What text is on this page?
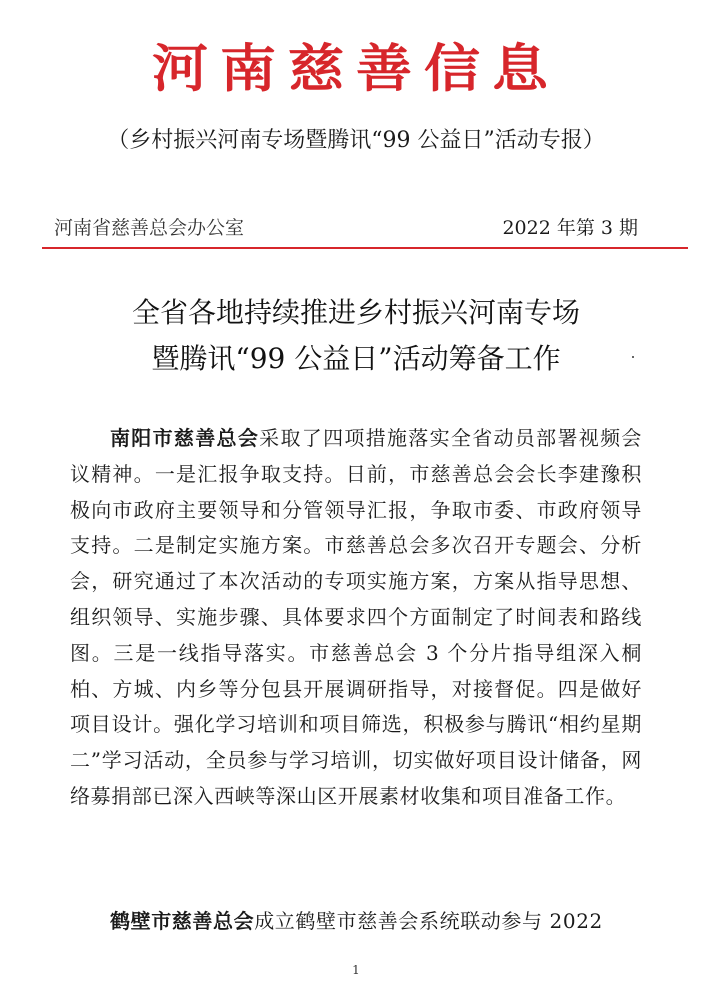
河南慈善信息
（乡村振兴河南专场暨腾讯“99 公益日”活动专报）
河南省慈善总会办公室	2022 年第 3 期
全省各地持续推进乡村振兴河南专场
暨腾讯“99 公益日”活动筹备工作

南阳市慈善总会采取了四项措施落实全省动员部署视频会议精神。一是汇报争取支持。日前，市慈善总会会长李建豫积极向市政府主要领导和分管领导汇报，争取市委、市政府领导支持。二是制定实施方案。市慈善总会多次召开专题会、分析会，研究通过了本次活动的专项实施方案，方案从指导思想、组织领导、实施步骤、具体要求四个方面制定了时间表和路线图。三是一线指导落实。市慈善总会 3 个分片指导组深入桐柏、方城、内乡等分包县开展调研指导，对接督促。四是做好项目设计。强化学习培训和项目筛选，积极参与腾讯“相约星期二”学习活动，全员参与学习培训，切实做好项目设计储备，网络募捐部已深入西峡等深山区开展素材收集和项目准备工作。

鹤壁市慈善总会成立鹤壁市慈善会系统联动参与 2022

1
